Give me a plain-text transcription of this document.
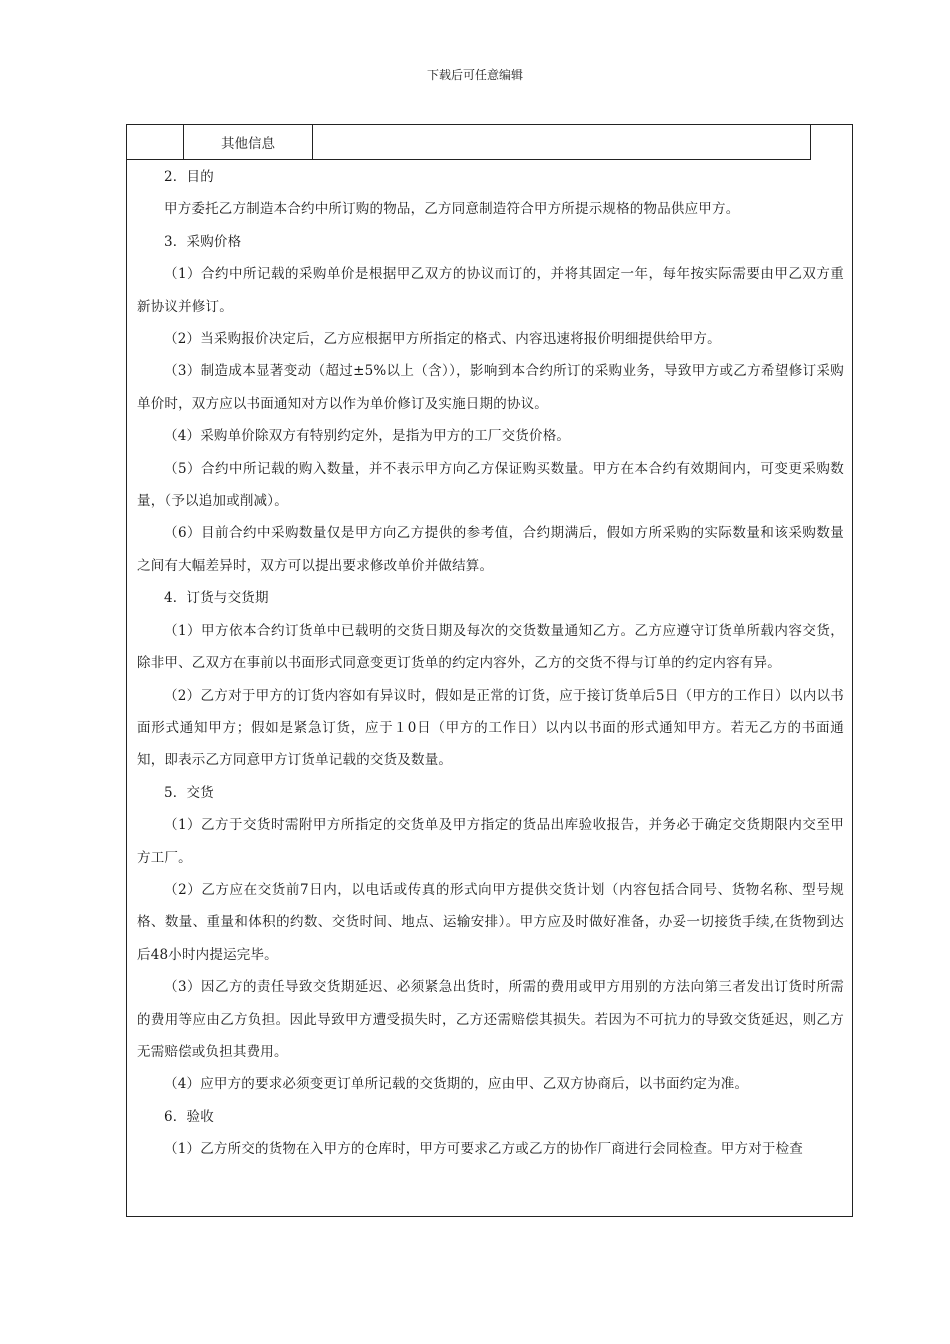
下载后可任意编辑
	其他信息	

2．目的

甲方委托乙方制造本合约中所订购的物品，乙方同意制造符合甲方所提示规格的物品供应甲方。

3．采购价格

（1）合约中所记载的采购单价是根据甲乙双方的协议而订的，并将其固定一年，每年按实际需要由甲乙双方重新协议并修订。

（2）当采购报价决定后，乙方应根据甲方所指定的格式、内容迅速将报价明细提供给甲方。

（3）制造成本显著变动（超过±5%以上（含）），影响到本合约所订的采购业务，导致甲方或乙方希望修订采购单价时，双方应以书面通知对方以作为单价修订及实施日期的协议。

（4）采购单价除双方有特别约定外，是指为甲方的工厂交货价格。

（5）合约中所记载的购入数量，并不表示甲方向乙方保证购买数量。甲方在本合约有效期间内，可变更采购数量，（予以追加或削减）。

（6）目前合约中采购数量仅是甲方向乙方提供的参考值，合约期满后，假如方所采购的实际数量和该采购数量之间有大幅差异时，双方可以提出要求修改单价并做结算。

4．订货与交货期

（1）甲方依本合约订货单中已载明的交货日期及每次的交货数量通知乙方。乙方应遵守订货单所载内容交货，除非甲、乙双方在事前以书面形式同意变更订货单的约定内容外，乙方的交货不得与订单的约定内容有异。

（2）乙方对于甲方的订货内容如有异议时，假如是正常的订货，应于接订货单后5日（甲方的工作日）以内以书面形式通知甲方；假如是紧急订货，应于１0日（甲方的工作日）以内以书面的形式通知甲方。若无乙方的书面通知，即表示乙方同意甲方订货单记载的交货及数量。

5．交货

（1）乙方于交货时需附甲方所指定的交货单及甲方指定的货品出库验收报告，并务必于确定交货期限内交至甲方工厂。

（2）乙方应在交货前7日内，以电话或传真的形式向甲方提供交货计划（内容包括合同号、货物名称、型号规格、数量、重量和体积的约数、交货时间、地点、运输安排）。甲方应及时做好准备，办妥一切接货手续,在货物到达后48小时内提运完毕。

（3）因乙方的责任导致交货期延迟、必须紧急出货时，所需的费用或甲方用别的方法向第三者发出订货时所需的费用等应由乙方负担。因此导致甲方遭受损失时，乙方还需赔偿其损失。若因为不可抗力的导致交货延迟，则乙方无需赔偿或负担其费用。

（4）应甲方的要求必须变更订单所记载的交货期的，应由甲、乙双方协商后，以书面约定为准。

6．验收

（1）乙方所交的货物在入甲方的仓库时，甲方可要求乙方或乙方的协作厂商进行会同检查。甲方对于检查
